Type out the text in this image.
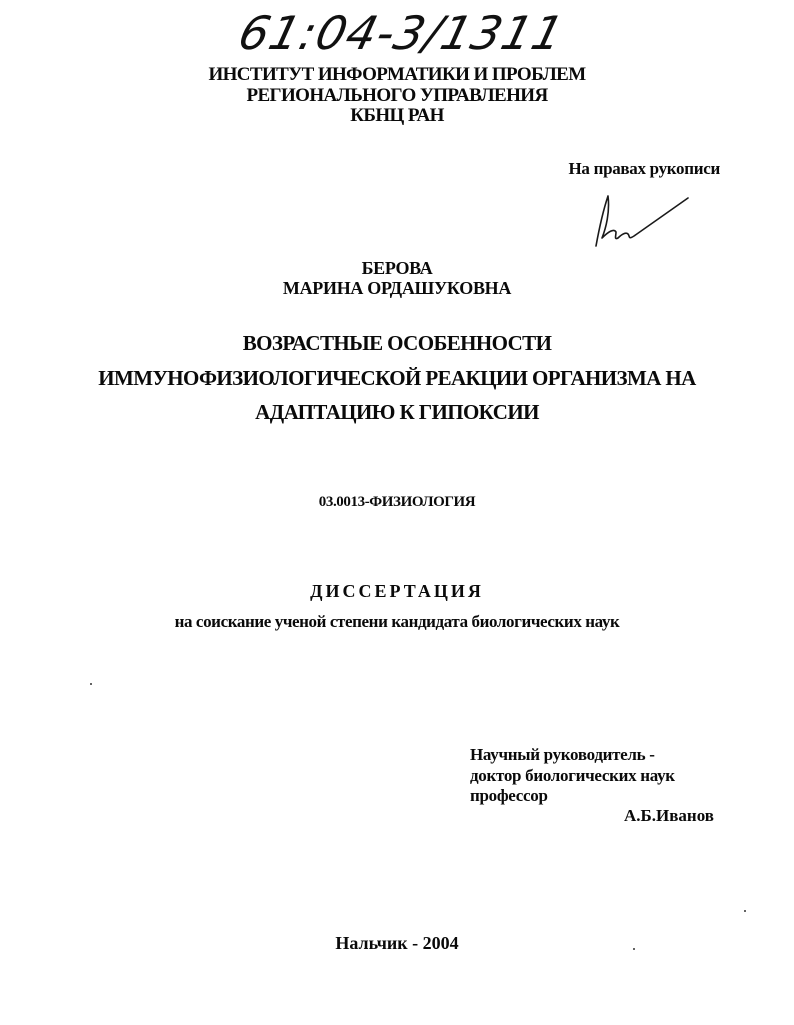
61:04-3/1311
ИНСТИТУТ ИНФОРМАТИКИ И ПРОБЛЕМ
РЕГИОНАЛЬНОГО УПРАВЛЕНИЯ
КБНЦ РАН
На правах рукописи
БЕРОВА
МАРИНА ОРДАШУКОВНА
ВОЗРАСТНЫЕ ОСОБЕННОСТИ
ИММУНОФИЗИОЛОГИЧЕСКОЙ РЕАКЦИИ ОРГАНИЗМА НА
АДАПТАЦИЮ К ГИПОКСИИ
03.0013-ФИЗИОЛОГИЯ
ДИССЕРТАЦИЯ
на соискание ученой степени кандидата биологических наук
Научный руководитель -
доктор биологических наук
профессор
А.Б.Иванов
Нальчик - 2004
